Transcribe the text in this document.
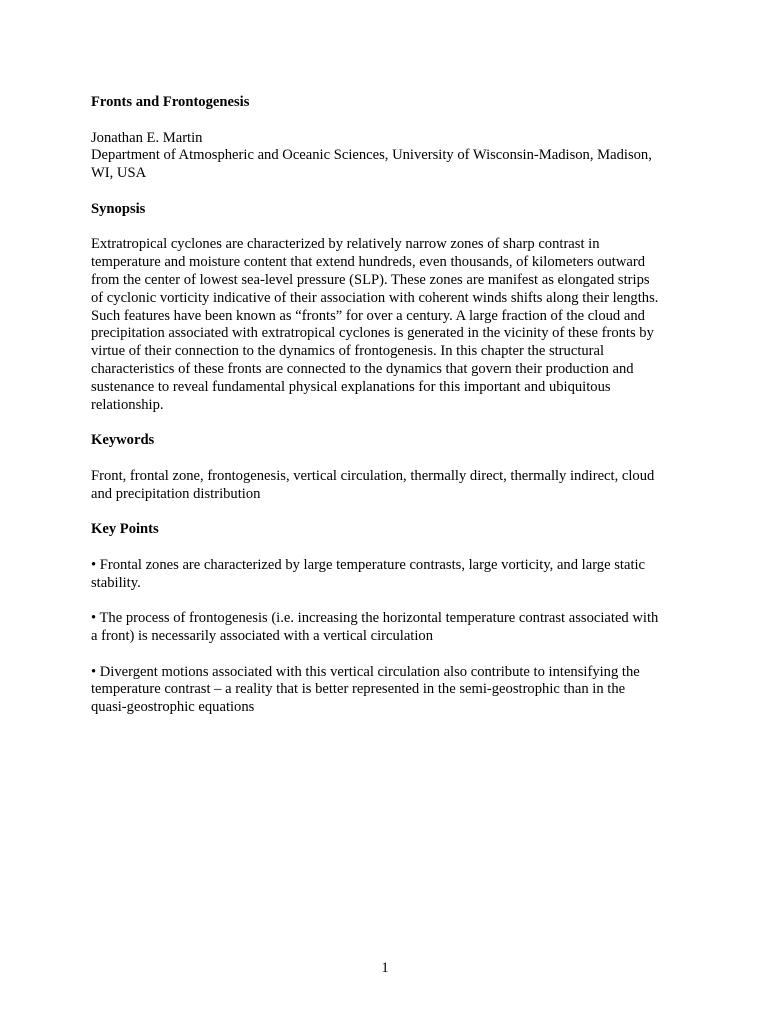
Fronts and Frontogenesis

Jonathan E. Martin

Department of Atmospheric and Oceanic Sciences, University of Wisconsin-Madison, Madison,

WI, USA

Synopsis

Extratropical cyclones are characterized by relatively narrow zones of sharp contrast in

temperature and moisture content that extend hundreds, even thousands, of kilometers outward

from the center of lowest sea-level pressure (SLP). These zones are manifest as elongated strips

of cyclonic vorticity indicative of their association with coherent winds shifts along their lengths.

Such features have been known as “fronts” for over a century. A large fraction of the cloud and

precipitation associated with extratropical cyclones is generated in the vicinity of these fronts by

virtue of their connection to the dynamics of frontogenesis. In this chapter the structural

characteristics of these fronts are connected to the dynamics that govern their production and

sustenance to reveal fundamental physical explanations for this important and ubiquitous

relationship.

Keywords

Front, frontal zone, frontogenesis, vertical circulation, thermally direct, thermally indirect, cloud

and precipitation distribution

Key Points

• Frontal zones are characterized by large temperature contrasts, large vorticity, and large static

stability.

• The process of frontogenesis (i.e. increasing the horizontal temperature contrast associated with

a front) is necessarily associated with a vertical circulation

• Divergent motions associated with this vertical circulation also contribute to intensifying the

temperature contrast – a reality that is better represented in the semi-geostrophic than in the

quasi-geostrophic equations

1
